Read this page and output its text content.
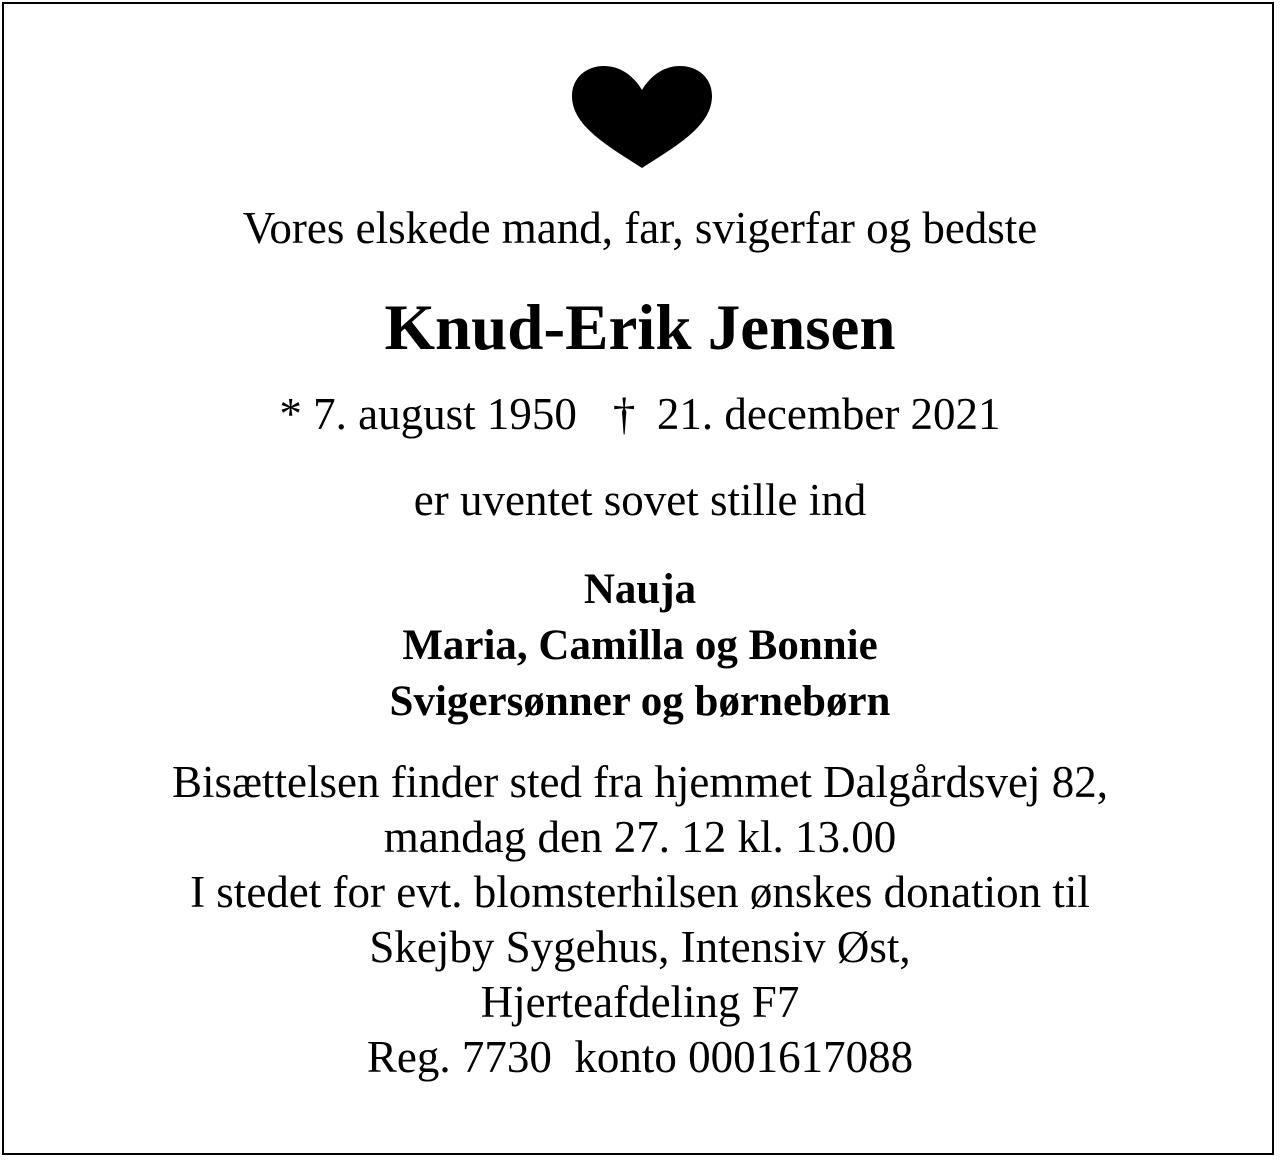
Vores elskede mand, far, svigerfar og bedste
Knud-Erik Jensen
* 7. august 1950 † 21. december 2021
er uventet sovet stille ind
Nauja
Maria, Camilla og Bonnie
Svigersønner og børnebørn
Bisættelsen finder sted fra hjemmet Dalgårdsvej 82,
mandag den 27. 12 kl. 13.00
I stedet for evt. blomsterhilsen ønskes donation til
Skejby Sygehus, Intensiv Øst,
Hjerteafdeling F7
Reg. 7730  konto 0001617088
